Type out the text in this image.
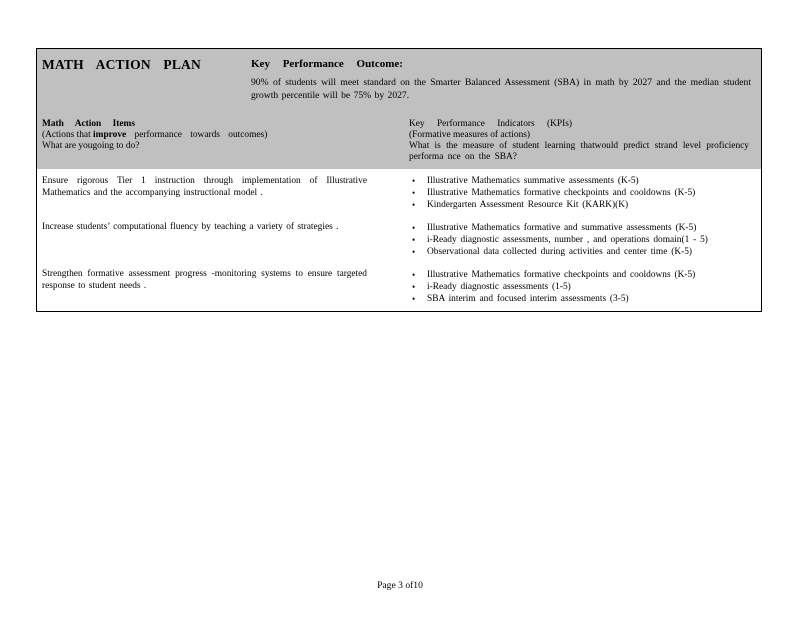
MATH ACTION PLAN	Key Performance Outcome:
90% of students will meet standard on the Smarter Balanced Assessment (SBA) in math by 2027 and the median student growth percentile will be 75% by 2027.
Math Action Items
(Actions that improve performance towards outcomes)
What are yougoing to do?
Key Performance Indicators (KPIs)
(Formative measures of actions)
What is the measure of student learning thatwould predict strand level proficiency performa nce on the SBA?
Ensure rigorous Tier 1 instruction through implementation of Illustrative Mathematics and the accompanying instructional model .
• Illustrative Mathematics summative assessments (K-5)
• Illustrative Mathematics formative checkpoints and cooldowns (K-5)
• Kindergarten Assessment Resource Kit (KARK)(K)
Increase students’ computational fluency by teaching a variety of strategies .
•	Illustrative Mathematics formative and summative assessments (K-5)
• i-Ready diagnostic assessments, number , and operations domain(1 - 5)
• Observational data collected during activities and center time (K-5)
Strengthen formative assessment progress -monitoring systems to ensure targeted response to student needs .
• Illustrative Mathematics formative checkpoints and cooldowns (K-5)
• i-Ready diagnostic assessments (1-5)
• SBA interim and focused interim assessments (3-5)
Page 3 of10
